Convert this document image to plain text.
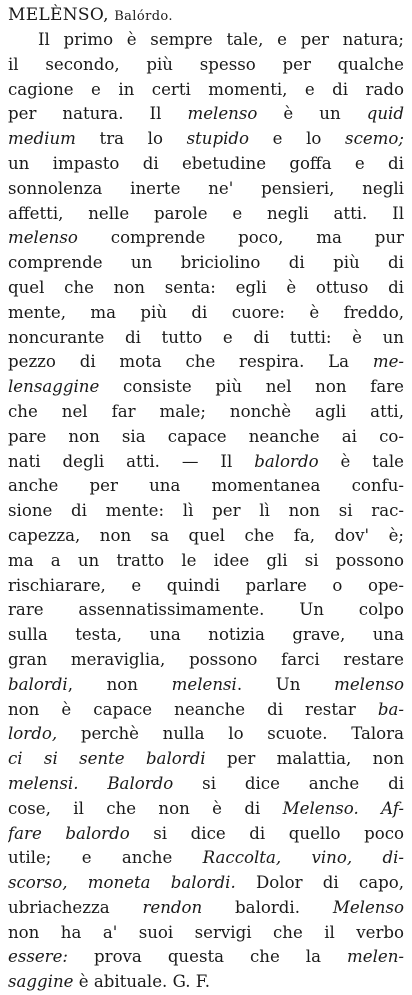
MELÈNSO, Balórdo.
Il primo è sempre tale, e per natura;
il secondo, più spesso per qualche
cagione e in certi momenti, e di rado
per natura. Il melenso è un quid
medium tra lo stupido e lo scemo;
un impasto di ebetudine goffa e di
sonnolenza inerte ne' pensieri, negli
affetti, nelle parole e negli atti. Il
melenso comprende poco, ma pur
comprende un briciolino di più di
quel che non senta: egli è ottuso di
mente, ma più di cuore: è freddo,
noncurante di tutto e di tutti: è un
pezzo di mota che respira. La me-
lensaggine consiste più nel non fare
che nel far male; nonchè agli atti,
pare non sia capace neanche ai co-
nati degli atti. — Il balordo è tale
anche per una momentanea confu-
sione di mente: lì per lì non si rac-
capezza, non sa quel che fa, dov' è;
ma a un tratto le idee gli si possono
rischiarare, e quindi parlare o ope-
rare assennatissimamente. Un colpo
sulla testa, una notizia grave, una
gran meraviglia, possono farci restare
balordi, non melensi. Un melenso
non è capace neanche di restar ba-
lordo, perchè nulla lo scuote. Talora
ci si sente balordi per malattia, non
melensi. Balordo si dice anche di
cose, il che non è di Melenso. Af-
fare balordo si dice di quello poco
utile; e anche Raccolta, vino, di-
scorso, moneta balordi. Dolor di capo,
ubriachezza rendon balordi. Melenso
non ha a' suoi servigi che il verbo
essere: prova questa che la melen-
saggine è abituale. G. F.
